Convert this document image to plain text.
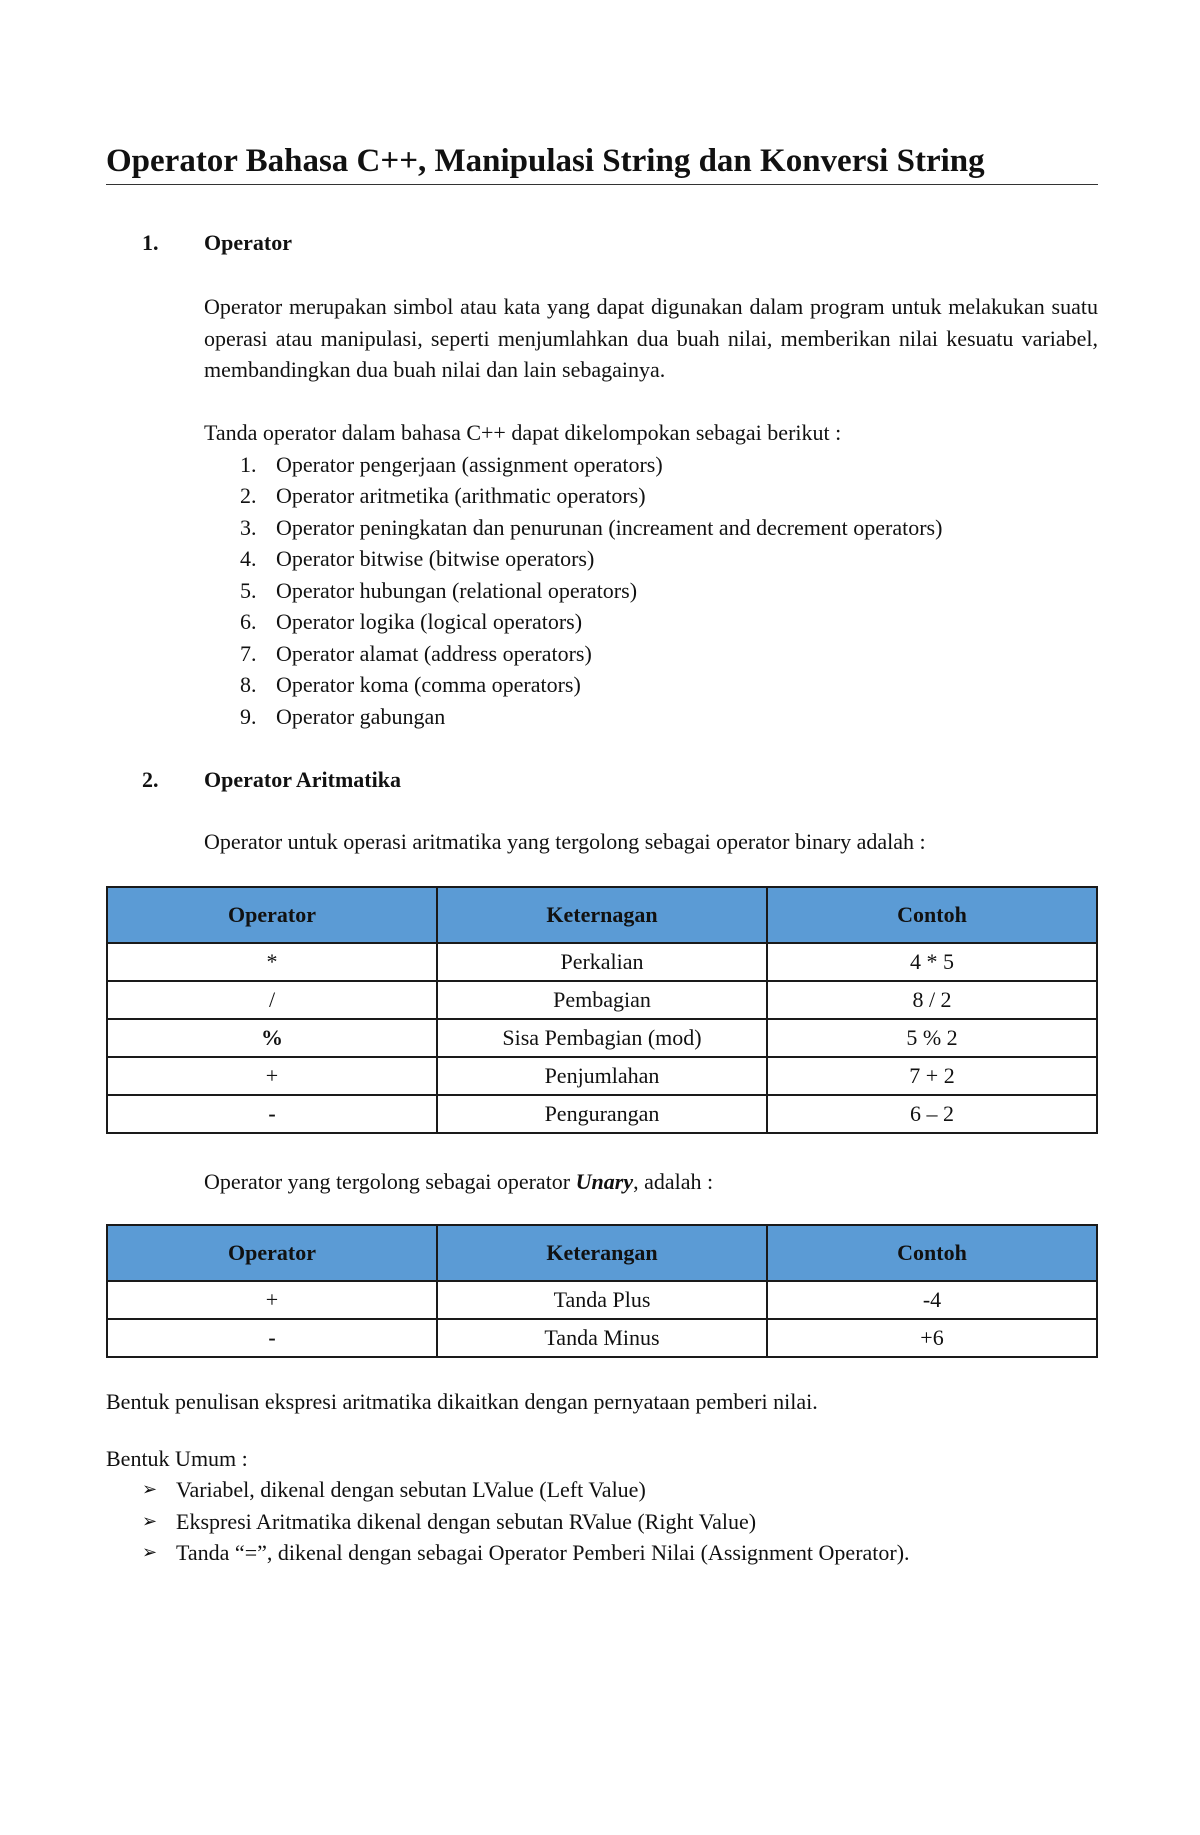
Operator Bahasa C++, Manipulasi String dan Konversi String
1. Operator

Operator merupakan simbol atau kata yang dapat digunakan dalam program untuk melakukan suatu operasi atau manipulasi, seperti menjumlahkan dua buah nilai, memberikan nilai kesuatu variabel, membandingkan dua buah nilai dan lain sebagainya.

Tanda operator dalam bahasa C++ dapat dikelompokan sebagai berikut :

1. Operator pengerjaan (assignment operators)
2. Operator aritmetika (arithmatic operators)
3. Operator peningkatan dan penurunan (increament and decrement operators)
4. Operator bitwise (bitwise operators)
5. Operator hubungan (relational operators)
6. Operator logika (logical operators)
7. Operator alamat (address operators)
8. Operator koma (comma operators)
9. Operator gabungan
2. Operator Aritmatika

Operator untuk operasi aritmatika yang tergolong sebagai operator binary adalah :

Operator	Keternagan	Contoh
*	Perkalian	4 * 5
/	Pembagian	8 / 2
%	Sisa Pembagian (mod)	5 % 2
+	Penjumlahan	7 + 2
-	Pengurangan	6 – 2

Operator yang tergolong sebagai operator Unary, adalah :

Operator	Keterangan	Contoh
+	Tanda Plus	-4
-	Tanda Minus	+6

Bentuk penulisan ekspresi aritmatika dikaitkan dengan pernyataan pemberi nilai.

Bentuk Umum :

➢ Variabel, dikenal dengan sebutan LValue (Left Value)
➢ Ekspresi Aritmatika dikenal dengan sebutan RValue (Right Value)
➢ Tanda “=”, dikenal dengan sebagai Operator Pemberi Nilai (Assignment Operator).
